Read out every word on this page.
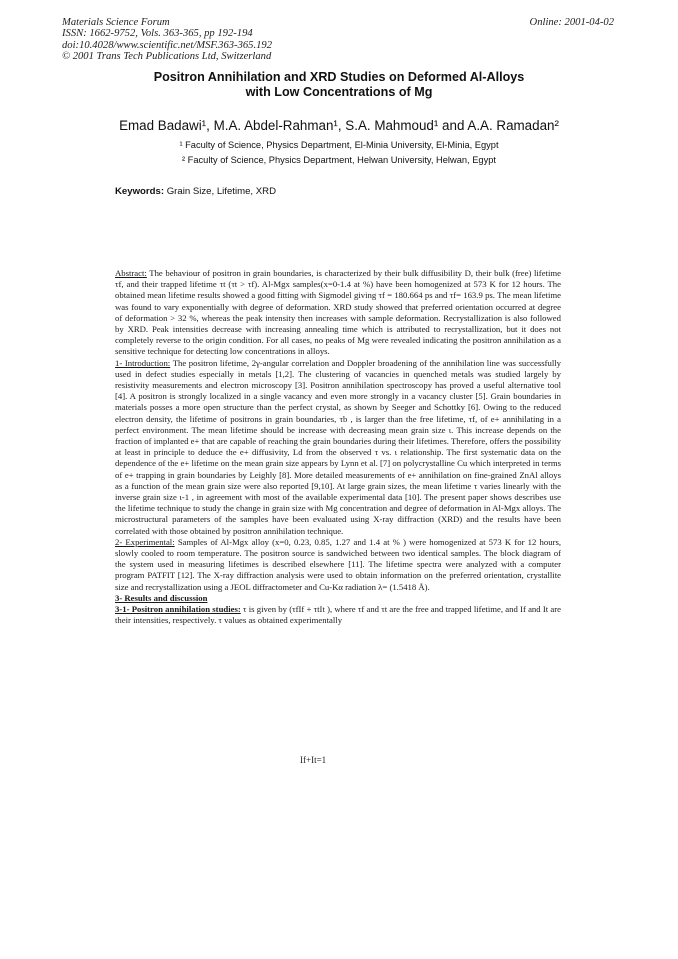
Materials Science Forum
ISSN: 1662-9752, Vols. 363-365, pp 192-194
doi:10.4028/www.scientific.net/MSF.363-365.192
© 2001 Trans Tech Publications Ltd, Switzerland
Online: 2001-04-02
Positron Annihilation and XRD Studies on Deformed Al-Alloys
with Low Concentrations of Mg
Emad Badawi¹, M.A. Abdel-Rahman¹, S.A. Mahmoud¹ and A.A. Ramadan²
¹ Faculty of Science, Physics Department, El-Minia University, El-Minia, Egypt
² Faculty of Science, Physics Department, Helwan University, Helwan, Egypt
Keywords: Grain Size, Lifetime, XRD

Abstract: The behaviour of positron in grain boundaries, is characterized by their bulk diffusibility D, their bulk (free) lifetime τf, and their trapped lifetime τt (τt > τf). Al-Mgx samples(x=0-1.4 at %) have been homogenized at 573 K for 12 hours. The obtained mean lifetime results showed a good fitting with Sigmodel giving τf = 180.664 ps and τf= 163.9 ps. The mean lifetime was found to vary exponentially with degree of deformation. XRD study showed that preferred orientation occurred at degree of deformation > 32 %, whereas the peak intensity then increases with sample deformation. Recrystallization is also followed by XRD. Peak intensities decrease with increasing annealing time which is attributed to recrystallization, but it does not completely reverse to the origin condition. For all cases, no peaks of Mg were revealed indicating the positron annihilation as a sensitive technique for detecting low concentrations in alloys.

1- Introduction: The positron lifetime, 2γ-angular correlation and Doppler broadening of the annihilation line was successfully used in defect studies especially in metals [1,2]. The clustering of vacancies in quenched metals was studied largely by resistivity measurements and electron microscopy [3]. Positron annihilation spectroscopy has proved a useful alternative tool [4]. A positron is strongly localized in a single vacancy and even more strongly in a vacancy cluster [5]. Grain boundaries in materials posses a more open structure than the perfect crystal, as shown by Seeger and Schottky [6]. Owing to the reduced electron density, the lifetime of positrons in grain boundaries, τb , is larger than the free lifetime, τf, of e+ annihilating in a perfect environment. The mean lifetime should be increase with decreasing mean grain size ι. This increase depends on the fraction of implanted e+ that are capable of reaching the grain boundaries during their lifetimes. Therefore, offers the possibility at least in principle to deduce the e+ diffusivity, Ld from the observed τ vs. ι relationship. The first systematic data on the dependence of the e+ lifetime on the mean grain size appears by Lynn et al. [7] on polycrystalline Cu which interpreted in terms of e+ trapping in grain boundaries by Leighly [8]. More detailed measurements of e+ annihilation on fine-grained ZnAl alloys as a function of the mean grain size were also reported [9,10]. At large grain sizes, the mean lifetime τ varies linearly with the inverse grain size ι-1 , in agreement with most of the available experimental data [10]. The present paper shows describes use the lifetime technique to study the change in grain size with Mg concentration and degree of deformation in Al-Mgx alloys. The microstructural parameters of the samples have been evaluated using X-ray diffraction (XRD) and the results have been correlated with those obtained by positron annihilation technique.

2- Experimental: Samples of Al-Mgx alloy (x=0, 0.23, 0.85, 1.27 and 1.4 at % ) were homogenized at 573 K for 12 hours, slowly cooled to room temperature. The positron source is sandwiched between two identical samples. The block diagram of the system used in measuring lifetimes is described elsewhere [11]. The lifetime spectra were analyzed with a computer program PATFIT [12]. The X-ray diffraction analysis were used to obtain information on the preferred orientation, crystallite size and recrystallization using a JEOL diffractometer and Cu-Kα radiation λ= (1.5418 Å).

3- Results and discussion

3-1- Positron annihilation studies: τ is given by (τfIf + τtIt ), where τf and τt are the free and trapped lifetime, and If and It are their intensities, respectively. τ values as obtained experimentally

If+It=1
